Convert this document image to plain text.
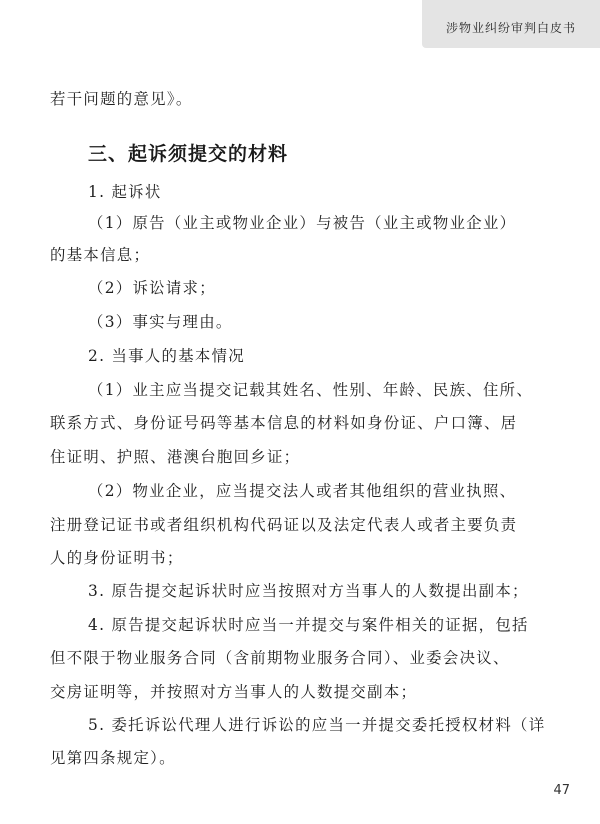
涉物业纠纷审判白皮书
若干问题的意见》。
三、起诉须提交的材料
1. 起诉状
（1）原告（业主或物业企业）与被告（业主或物业企业）
的基本信息；
（2）诉讼请求；
（3）事实与理由。
2. 当事人的基本情况
（1）业主应当提交记载其姓名、性别、年龄、民族、住所、
联系方式、身份证号码等基本信息的材料如身份证、户口簿、居
住证明、护照、港澳台胞回乡证；
（2）物业企业，应当提交法人或者其他组织的营业执照、
注册登记证书或者组织机构代码证以及法定代表人或者主要负责
人的身份证明书；
3. 原告提交起诉状时应当按照对方当事人的人数提出副本；
4. 原告提交起诉状时应当一并提交与案件相关的证据，包括
但不限于物业服务合同（含前期物业服务合同）、业委会决议、
交房证明等，并按照对方当事人的人数提交副本；
5. 委托诉讼代理人进行诉讼的应当一并提交委托授权材料（详
见第四条规定）。
47
